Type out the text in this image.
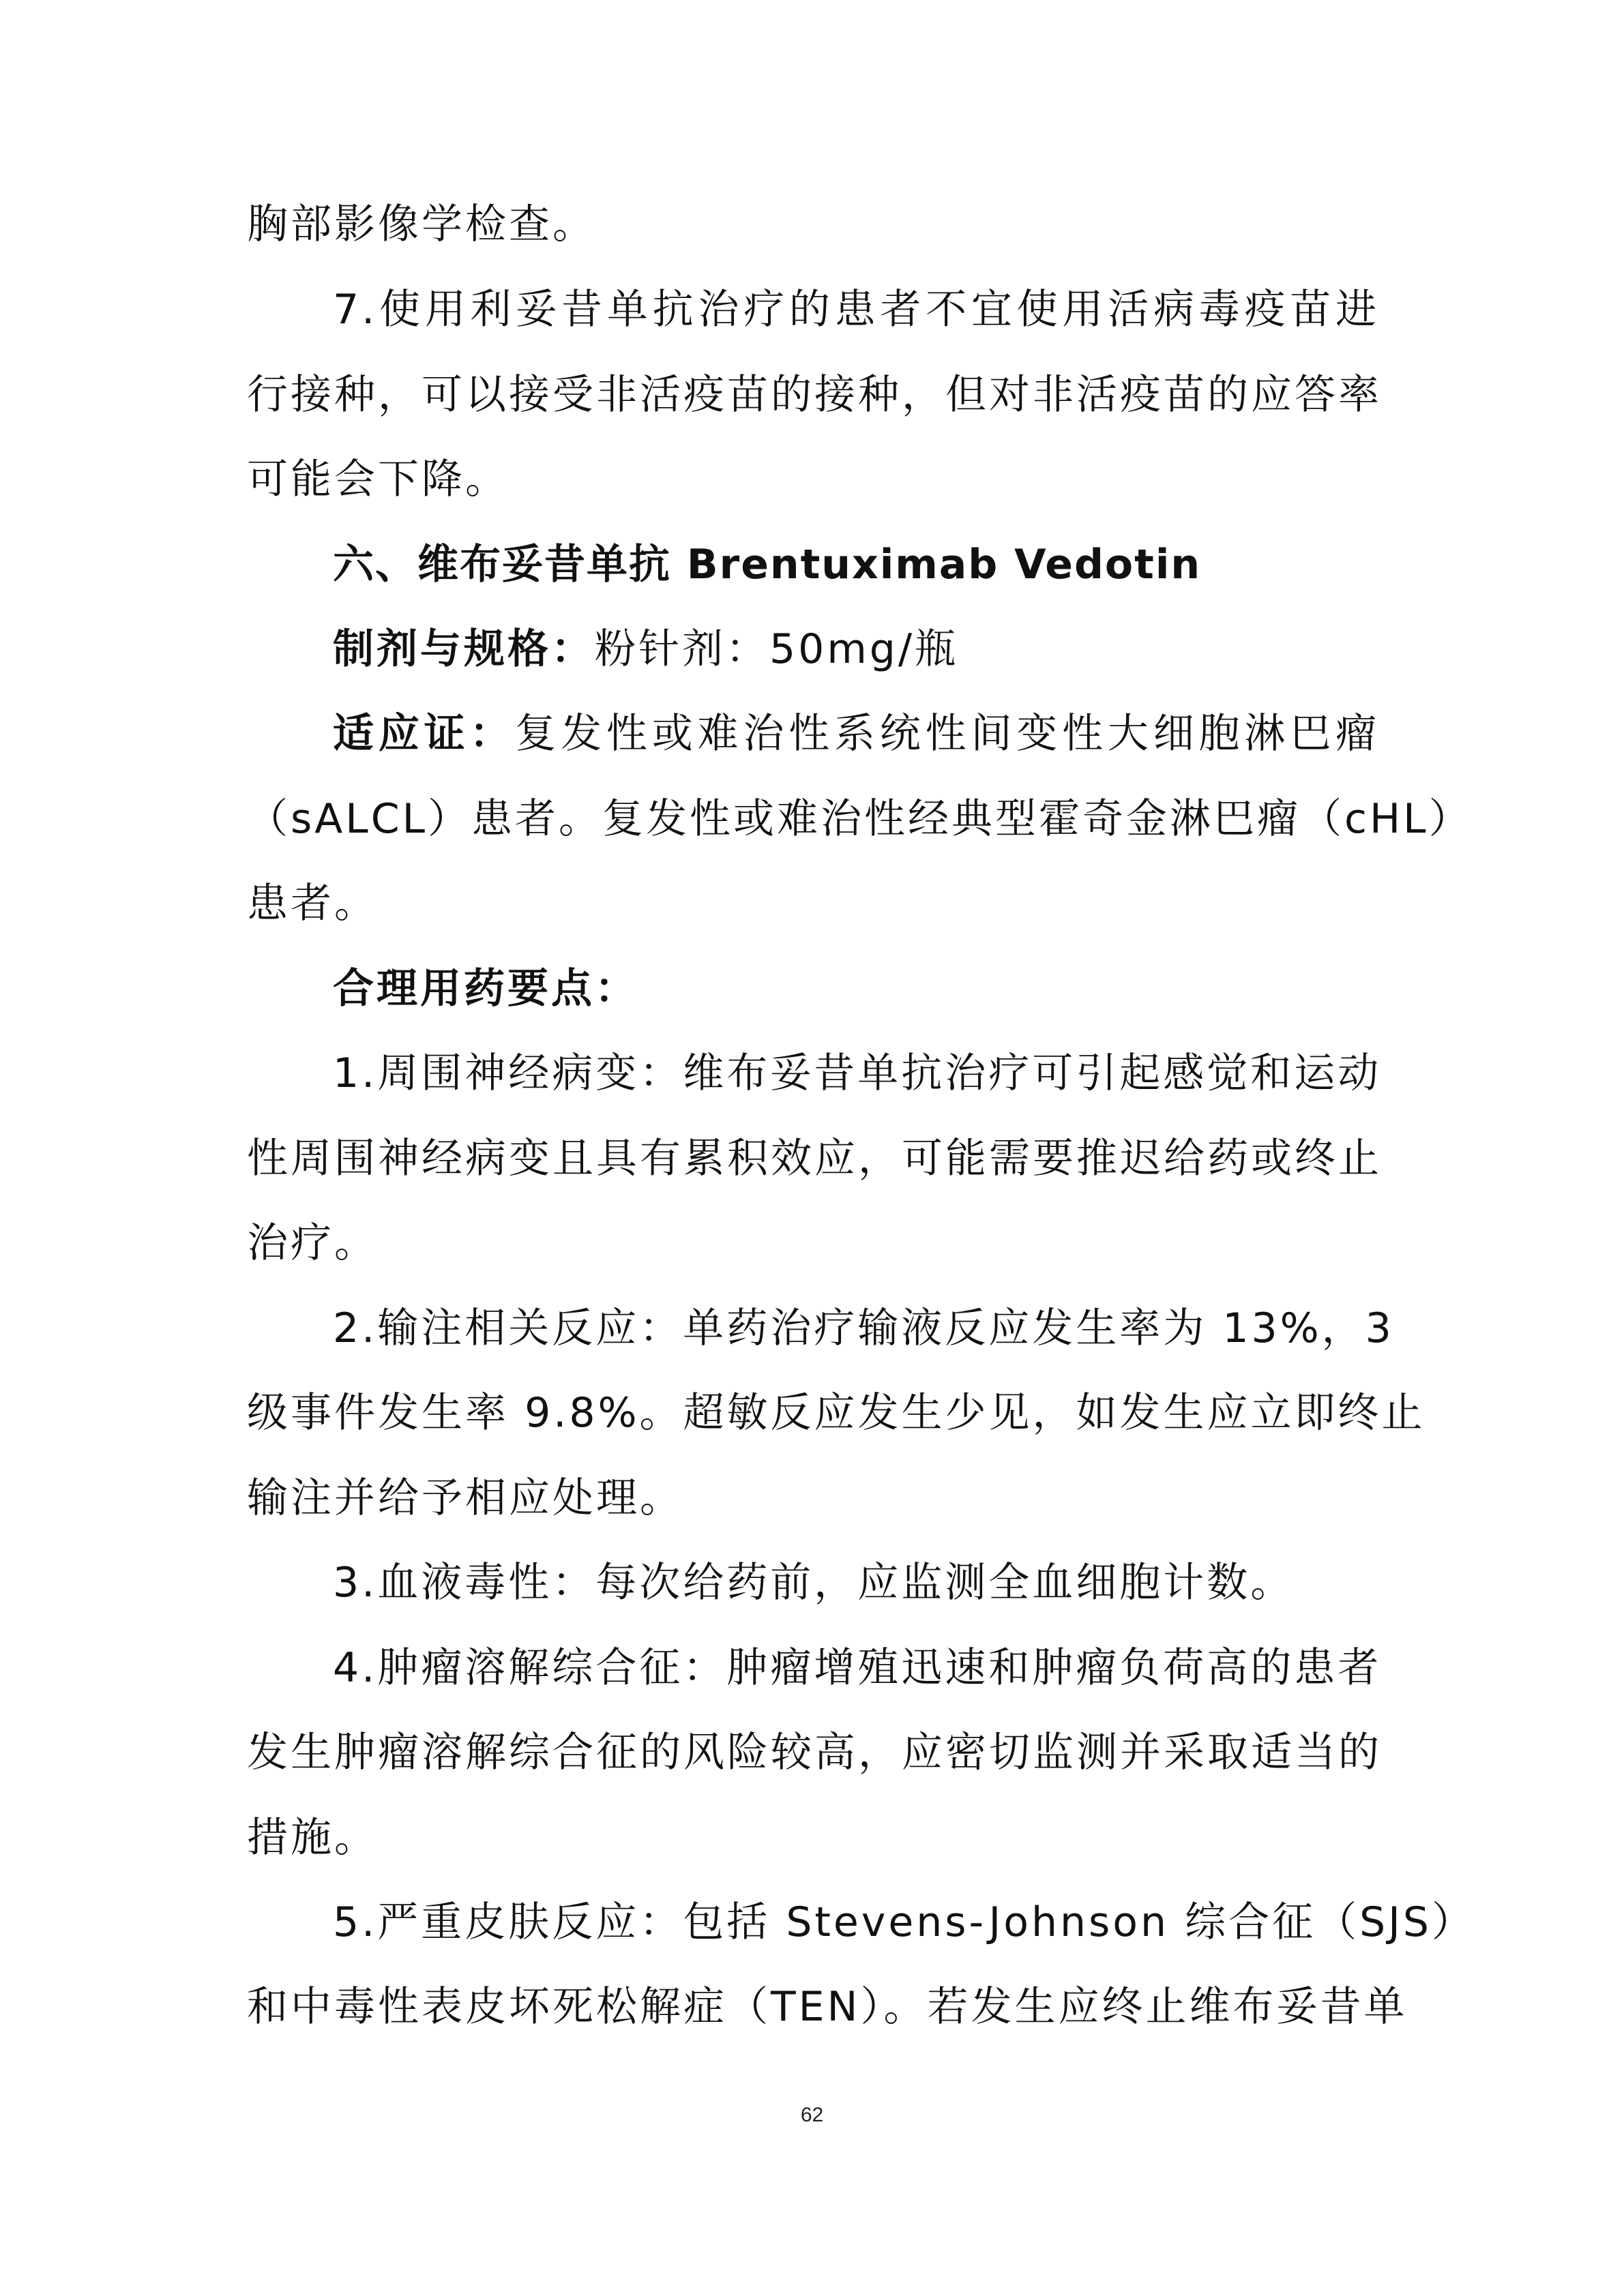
胸部影像学检查。
7.使用利妥昔单抗治疗的患者不宜使用活病毒疫苗进
行接种，可以接受非活疫苗的接种，但对非活疫苗的应答率
可能会下降。
六、维布妥昔单抗 Brentuximab Vedotin
制剂与规格：粉针剂：50mg/瓶
适应证：复发性或难治性系统性间变性大细胞淋巴瘤
（sALCL）患者。复发性或难治性经典型霍奇金淋巴瘤（cHL）
患者。
合理用药要点：
1.周围神经病变：维布妥昔单抗治疗可引起感觉和运动
性周围神经病变且具有累积效应，可能需要推迟给药或终止
治疗。
2.输注相关反应：单药治疗输液反应发生率为 13%，3
级事件发生率 9.8%。超敏反应发生少见，如发生应立即终止
输注并给予相应处理。
3.血液毒性：每次给药前，应监测全血细胞计数。
4.肿瘤溶解综合征：肿瘤增殖迅速和肿瘤负荷高的患者
发生肿瘤溶解综合征的风险较高，应密切监测并采取适当的
措施。
5.严重皮肤反应：包括 Stevens-Johnson 综合征（SJS）
和中毒性表皮坏死松解症（TEN）。若发生应终止维布妥昔单
62
